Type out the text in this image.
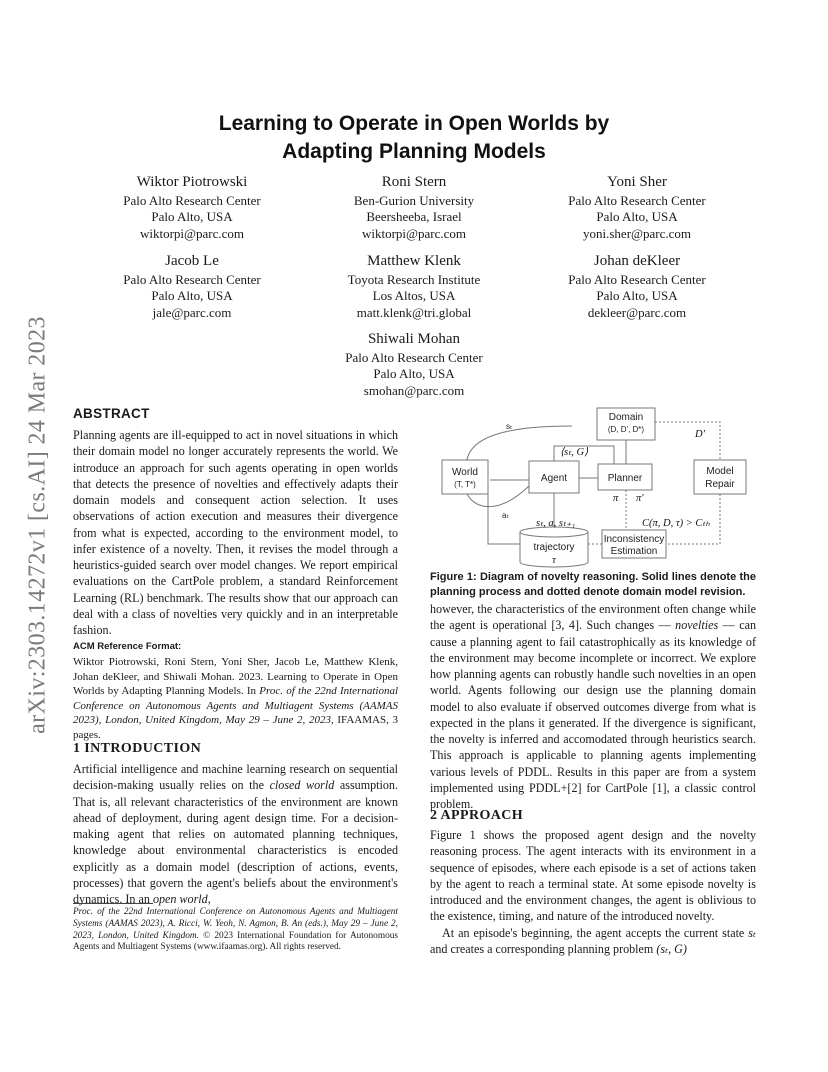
arXiv:2303.14272v1 [cs.AI] 24 Mar 2023
Learning to Operate in Open Worlds by
Adapting Planning Models
Wiktor Piotrowski
Palo Alto Research Center
Palo Alto, USA
wiktorpi@parc.com
Roni Stern
Ben-Gurion University
Beersheeba, Israel
wiktorpi@parc.com
Yoni Sher
Palo Alto Research Center
Palo Alto, USA
yoni.sher@parc.com
Jacob Le
Palo Alto Research Center
Palo Alto, USA
jale@parc.com
Matthew Klenk
Toyota Research Institute
Los Altos, USA
matt.klenk@tri.global
Johan deKleer
Palo Alto Research Center
Palo Alto, USA
dekleer@parc.com
Shiwali Mohan
Palo Alto Research Center
Palo Alto, USA
smohan@parc.com
ABSTRACT

Planning agents are ill-equipped to act in novel situations in which their domain model no longer accurately represents the world. We introduce an approach for such agents operating in open worlds that detects the presence of novelties and effectively adapts their domain models and consequent action selection. It uses observations of action execution and measures their divergence from what is expected, according to the environment model, to infer existence of a novelty. Then, it revises the model through a heuristics-guided search over model changes. We report empirical evaluations on the CartPole problem, a standard Reinforcement Learning (RL) benchmark. The results show that our approach can deal with a class of novelties very quickly and in an interpretable fashion.

ACM Reference Format:

Wiktor Piotrowski, Roni Stern, Yoni Sher, Jacob Le, Matthew Klenk, Johan deKleer, and Shiwali Mohan. 2023. Learning to Operate in Open Worlds by Adapting Planning Models. In Proc. of the 22nd International Conference on Autonomous Agents and Multiagent Systems (AAMAS 2023), London, United Kingdom, May 29 – June 2, 2023, IFAAMAS, 3 pages.

1 INTRODUCTION

Artificial intelligence and machine learning research on sequential decision-making usually relies on the closed world assumption. That is, all relevant characteristics of the environment are known ahead of deployment, during agent design time. For a decision-making agent that relies on automated planning techniques, knowledge about environmental characteristics is encoded explicitly as a domain model (description of actions, events, processes) that govern the agent's beliefs about the environment's dynamics. In an open world,

Proc. of the 22nd International Conference on Autonomous Agents and Multiagent Systems (AAMAS 2023), A. Ricci, W. Yeoh, N. Agmon, B. An (eds.), May 29 – June 2, 2023, London, United Kingdom. © 2023 International Foundation for Autonomous Agents and Multiagent Systems (www.ifaamas.org). All rights reserved.

Domain
(D, D', D*)
World
(T, T*)
Agent	Planner
Model
Repair
trajectory
τ
Inconsistency
Estimation
sₜ
aₜ
⟨sₜ, G⟩
π π'
D'
sₜ, a, sₜ₊₁	C(π, D, τ) > Cₜₕ

Figure 1: Diagram of novelty reasoning. Solid lines denote the planning process and dotted denote domain model revision.

however, the characteristics of the environment often change while the agent is operational [3, 4]. Such changes — novelties — can cause a planning agent to fail catastrophically as its knowledge of the environment may become incomplete or incorrect. We explore how planning agents can robustly handle such novelties in an open world. Agents following our design use the planning domain model to also evaluate if observed outcomes diverge from what is expected in the plans it generated. If the divergence is significant, the novelty is inferred and accomodated through heuristics search. This approach is applicable to planning agents implementing various levels of PDDL. Results in this paper are from a system implemented using PDDL+[2] for CartPole [1], a classic control problem.

2 APPROACH

Figure 1 shows the proposed agent design and the novelty reasoning process. The agent interacts with its environment in a sequence of episodes, where each episode is a set of actions taken by the agent to reach a terminal state. At some episode novelty is introduced and the environment changes, the agent is oblivious to the existence, timing, and nature of the introduced novelty.

At an episode's beginning, the agent accepts the current state sₜ and creates a corresponding planning problem (sₜ, G)
